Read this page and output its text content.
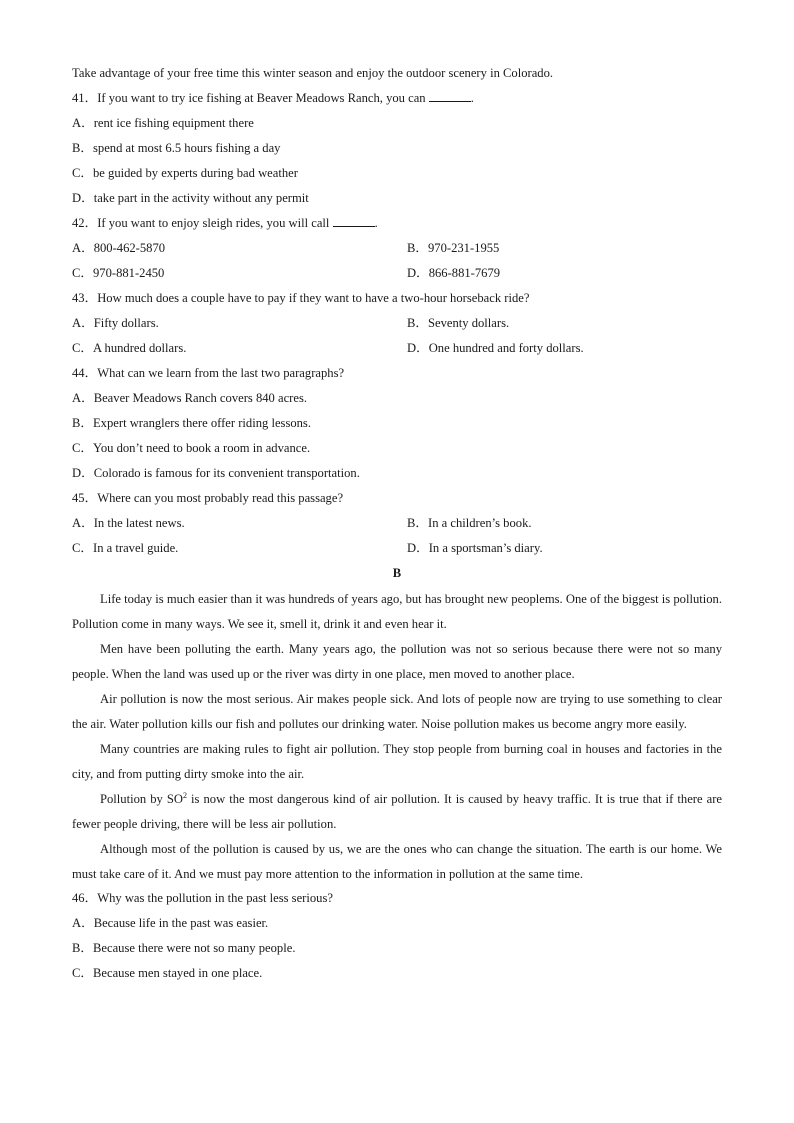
Take advantage of your free time this winter season and enjoy the outdoor scenery in Colorado.
41．If you want to try ice fishing at Beaver Meadows Ranch, you can	.
A．rent ice fishing equipment there
B．spend at most 6.5 hours fishing a day
C．be guided by experts during bad weather
D．take part in the activity without any permit
42．If you want to enjoy sleigh rides, you will call	.
A．800-462-5870	B．970-231-1955
C．970-881-2450	D．866-881-7679
43．How much does a couple have to pay if they want to have a two-hour horseback ride?
A．Fifty dollars.	B．Seventy dollars.
C．A hundred dollars.	D．One hundred and forty dollars.
44．What can we learn from the last two paragraphs?
A．Beaver Meadows Ranch covers 840 acres.
B．Expert wranglers there offer riding lessons.
C．You don’t need to book a room in advance.
D．Colorado is famous for its convenient transportation.
45．Where can you most probably read this passage?
A．In the latest news.	B．In a children’s book.
C．In a travel guide.	D．In a sportsman’s diary.
B

Life today is much easier than it was hundreds of years ago, but has brought new peoplems. One of the biggest is pollution. Pollution come in many ways. We see it, smell it, drink it and even hear it.

Men have been polluting the earth. Many years ago, the pollution was not so serious because there were not so many people. When the land was used up or the river was dirty in one place, men moved to another place.

Air pollution is now the most serious. Air makes people sick. And lots of people now are trying to use something to clear the air. Water pollution kills our fish and pollutes our drinking water. Noise pollution makes us become angry more easily.

Many countries are making rules to fight air pollution. They stop people from burning coal in houses and factories in the city, and from putting dirty smoke into the air.

Pollution by $SO^2$ is now the most dangerous kind of air pollution. It is caused by heavy traffic. It is true that if there are fewer people driving, there will be less air pollution.

Although most of the pollution is caused by us, we are the ones who can change the situation. The earth is our home. We must take care of it. And we must pay more attention to the information in pollution at the same time.

46．Why was the pollution in the past less serious?
A．Because life in the past was easier.
B．Because there were not so many people.
C．Because men stayed in one place.
